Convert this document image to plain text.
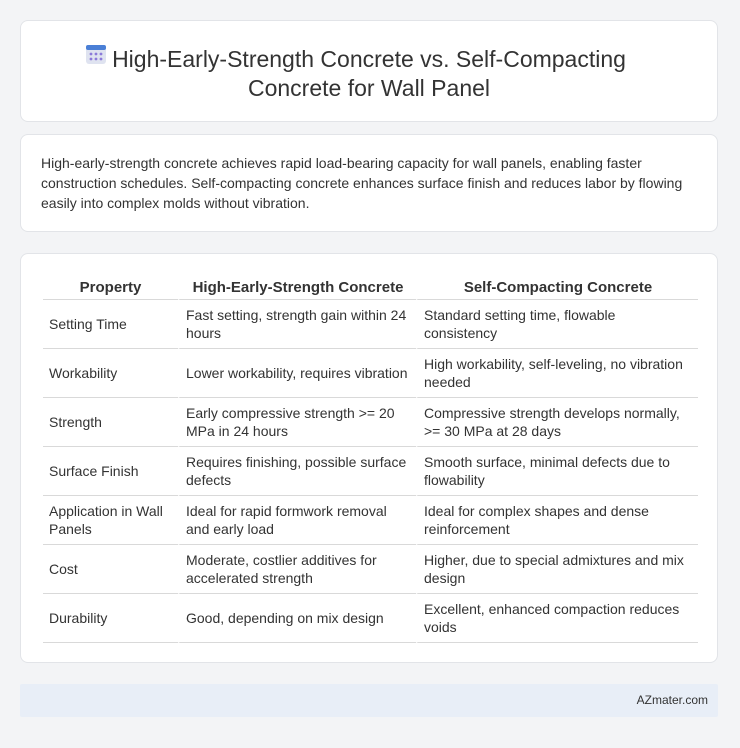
High-Early-Strength Concrete vs. Self-Compacting Concrete for Wall Panel

High-early-strength concrete achieves rapid load-bearing capacity for wall panels, enabling faster construction schedules. Self-compacting concrete enhances surface finish and reduces labor by flowing easily into complex molds without vibration.

Property	High-Early-Strength Concrete	Self-Compacting Concrete
Setting Time	Fast setting, strength gain within 24 hours	Standard setting time, flowable consistency
Workability	Lower workability, requires vibration	High workability, self-leveling, no vibration needed
Strength	Early compressive strength >= 20 MPa in 24 hours	Compressive strength develops normally, >= 30 MPa at 28 days
Surface Finish	Requires finishing, possible surface defects	Smooth surface, minimal defects due to flowability
Application in Wall Panels	Ideal for rapid formwork removal and early load	Ideal for complex shapes and dense reinforcement
Cost	Moderate, costlier additives for accelerated strength	Higher, due to special admixtures and mix design
Durability	Good, depending on mix design	Excellent, enhanced compaction reduces voids
AZmater.com
